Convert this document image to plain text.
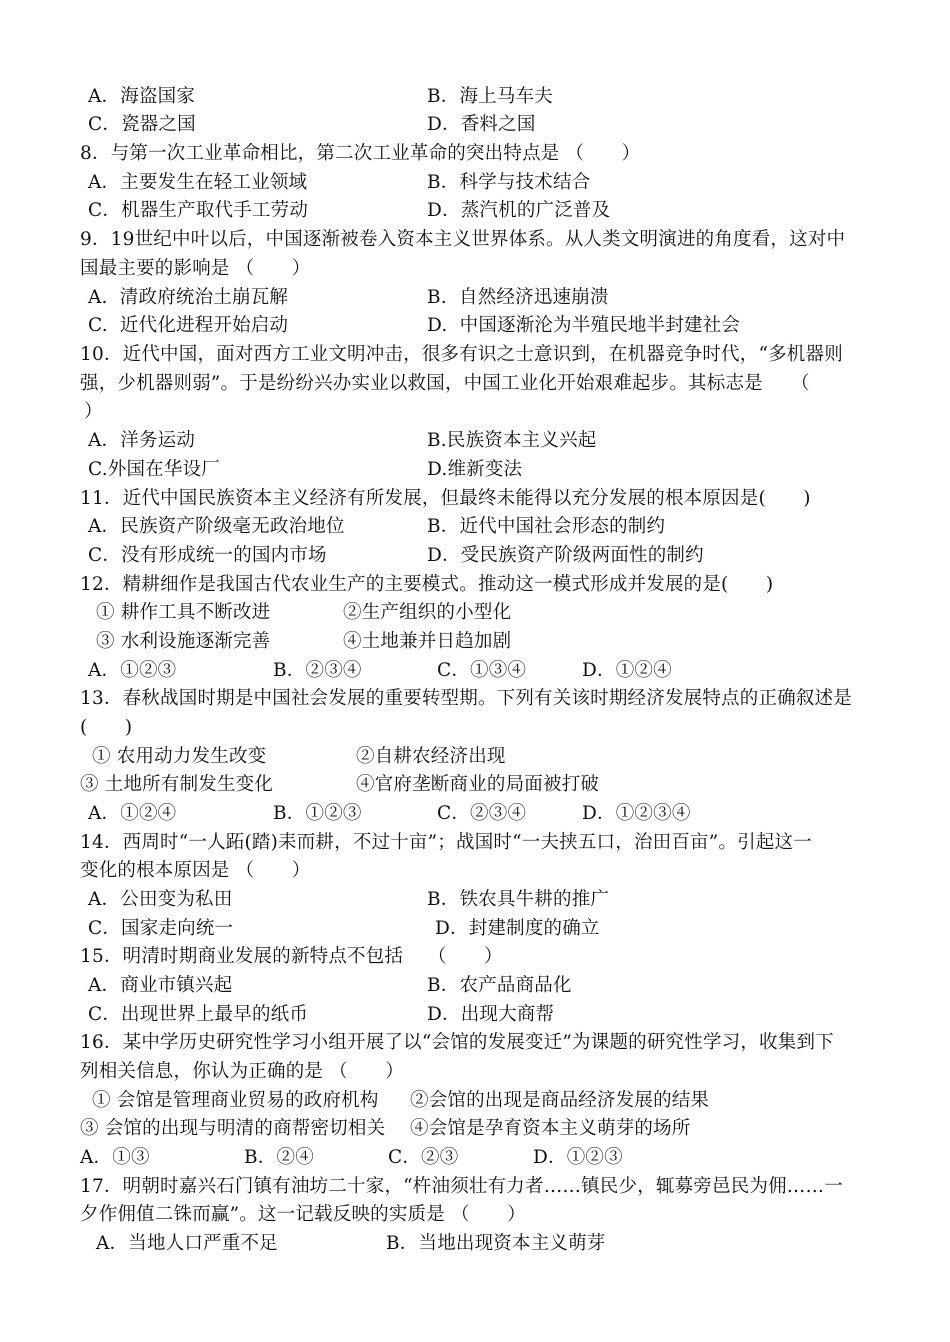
A．海盗国家	B．海上马车夫
C．瓷器之国	D．香料之国
8．与第一次工业革命相比，第二次工业革命的突出特点是 （　　）
A．主要发生在轻工业领域	B．科学与技术结合
C．机器生产取代手工劳动	D．蒸汽机的广泛普及
9．19世纪中叶以后，中国逐渐被卷入资本主义世界体系。从人类文明演进的角度看，这对中
国最主要的影响是 （　　）
A.  清政府统治土崩瓦解	B.  自然经济迅速崩溃
C.  近代化进程开始启动	D.  中国逐渐沦为半殖民地半封建社会
10．近代中国，面对西方工业文明冲击，很多有识之士意识到，在机器竞争时代，“多机器则
强，少机器则弱”。于是纷纷兴办实业以救国，中国工业化开始艰难起步。其标志是　　（
）
A．洋务运动	B.民族资本主义兴起
C.外国在华设厂	D.维新变法
11．近代中国民族资本主义经济有所发展，但最终未能得以充分发展的根本原因是(　　)
A．民族资产阶级毫无政治地位	B．近代中国社会形态的制约
C．没有形成统一的国内市场	D．受民族资产阶级两面性的制约
12．精耕细作是我国古代农业生产的主要模式。推动这一模式形成并发展的是(　　)
① 耕作工具不断改进	②生产组织的小型化
③ 水利设施逐渐完善	④土地兼并日趋加剧
A．①②③	B．②③④	C．①③④	D．①②④
13．春秋战国时期是中国社会发展的重要转型期。下列有关该时期经济发展特点的正确叙述是
(　　)
① 农用动力发生改变	②自耕农经济出现
③ 土地所有制发生变化	④官府垄断商业的局面被打破
A．①②④	B．①②③	C．②③④	D．①②③④
14．西周时“一人跖(踏)耒而耕，不过十亩”；战国时“一夫挟五口，治田百亩”。引起这一
变化的根本原因是 （　　）
A．公田变为私田	B．铁农具牛耕的推广
C．国家走向统一	D．封建制度的确立
15．明清时期商业发展的新特点不包括　 （　　）
A．商业市镇兴起	B．农产品商品化
C．出现世界上最早的纸币	D．出现大商帮
16．某中学历史研究性学习小组开展了以“会馆的发展变迁”为课题的研究性学习，收集到下
列相关信息，你认为正确的是 （　　）
① 会馆是管理商业贸易的政府机构 ②会馆的出现是商品经济发展的结果
③ 会馆的出现与明清的商帮密切相关 ④会馆是孕育资本主义萌芽的场所
A．①③	B．②④	C．②③	D．①②③
17．明朝时嘉兴石门镇有油坊二十家，“杵油须壮有力者……镇民少，辄募旁邑民为佣……一
夕作佣值二铢而赢”。这一记载反映的实质是 （　　）
A．当地人口严重不足	B．当地出现资本主义萌芽
